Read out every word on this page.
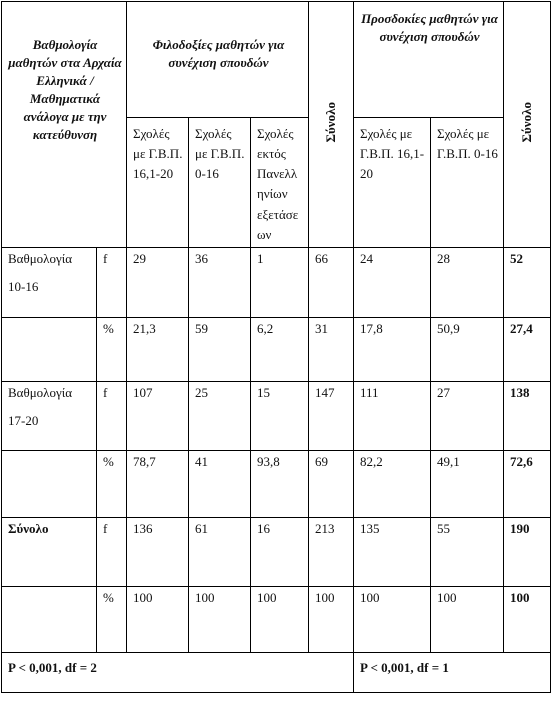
Βαθμολογία μαθητών στα Αρχαία Ελληνικά / Μαθηματικά ανάλογα με την κατεύθυνση		Φιλοδοξίες μαθητών για συνέχιση σπουδών			Σύνολο	Προσδοκίες μαθητών για συνέχιση σπουδών		Σύνολο
		Σχολές με Γ.Β.Π. 16,1-20	Σχολές με Γ.Β.Π. 0-16	Σχολές εκτός Πανελλ ηνίων εξετάσε ων		Σχολές με Γ.Β.Π. 16,1-20	Σχολές με Γ.Β.Π. 0-16	

Βαθμολογία
10-16	f	29	36	1	66	24	28	52
	%	21,3	59	6,2	31	17,8	50,9	27,4

Βαθμολογία
17-20	f	107	25	15	147	111	27	138
	%	78,7	41	93,8	69	82,2	49,1	72,6
Σύνολο	f	136	61	16	213	135	55	190
	%	100	100	100	100	100	100	100
P < 0,001, df = 2						P < 0,001, df = 1		
